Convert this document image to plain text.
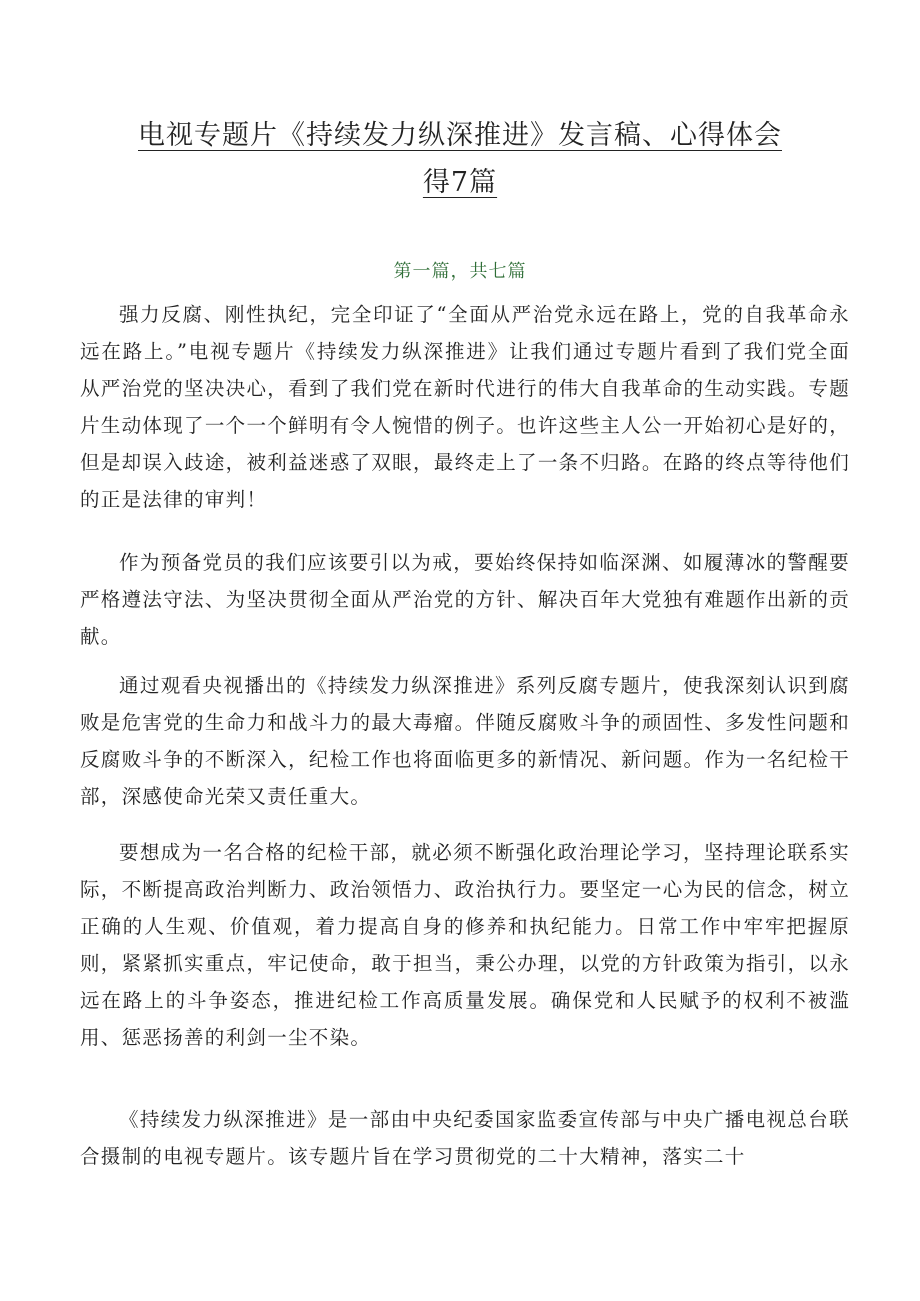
电视专题片《持续发力纵深推进》发言稿、心得体会
得7篇
第一篇，共七篇

强力反腐、刚性执纪，完全印证了“全面从严治党永远在路上，党的自我革命永远在路上。”电视专题片《持续发力纵深推进》让我们通过专题片看到了我们党全面从严治党的坚决决心，看到了我们党在新时代进行的伟大自我革命的生动实践。专题片生动体现了一个一个鲜明有令人惋惜的例子。也许这些主人公一开始初心是好的，但是却误入歧途，被利益迷惑了双眼，最终走上了一条不归路。在路的终点等待他们的正是法律的审判！

作为预备党员的我们应该要引以为戒，要始终保持如临深渊、如履薄冰的警醒要严格遵法守法、为坚决贯彻全面从严治党的方针、解决百年大党独有难题作出新的贡献。

通过观看央视播出的《持续发力纵深推进》系列反腐专题片，使我深刻认识到腐败是危害党的生命力和战斗力的最大毒瘤。伴随反腐败斗争的顽固性、多发性问题和反腐败斗争的不断深入，纪检工作也将面临更多的新情况、新问题。作为一名纪检干部，深感使命光荣又责任重大。

要想成为一名合格的纪检干部，就必须不断强化政治理论学习，坚持理论联系实际，不断提高政治判断力、政治领悟力、政治执行力。要坚定一心为民的信念，树立正确的人生观、价值观，着力提高自身的修养和执纪能力。日常工作中牢牢把握原则，紧紧抓实重点，牢记使命，敢于担当，秉公办理，以党的方针政策为指引，以永远在路上的斗争姿态，推进纪检工作高质量发展。确保党和人民赋予的权利不被滥用、惩恶扬善的利剑一尘不染。

《持续发力纵深推进》是一部由中央纪委国家监委宣传部与中央广播电视总台联合摄制的电视专题片。该专题片旨在学习贯彻党的二十大精神，落实二十
